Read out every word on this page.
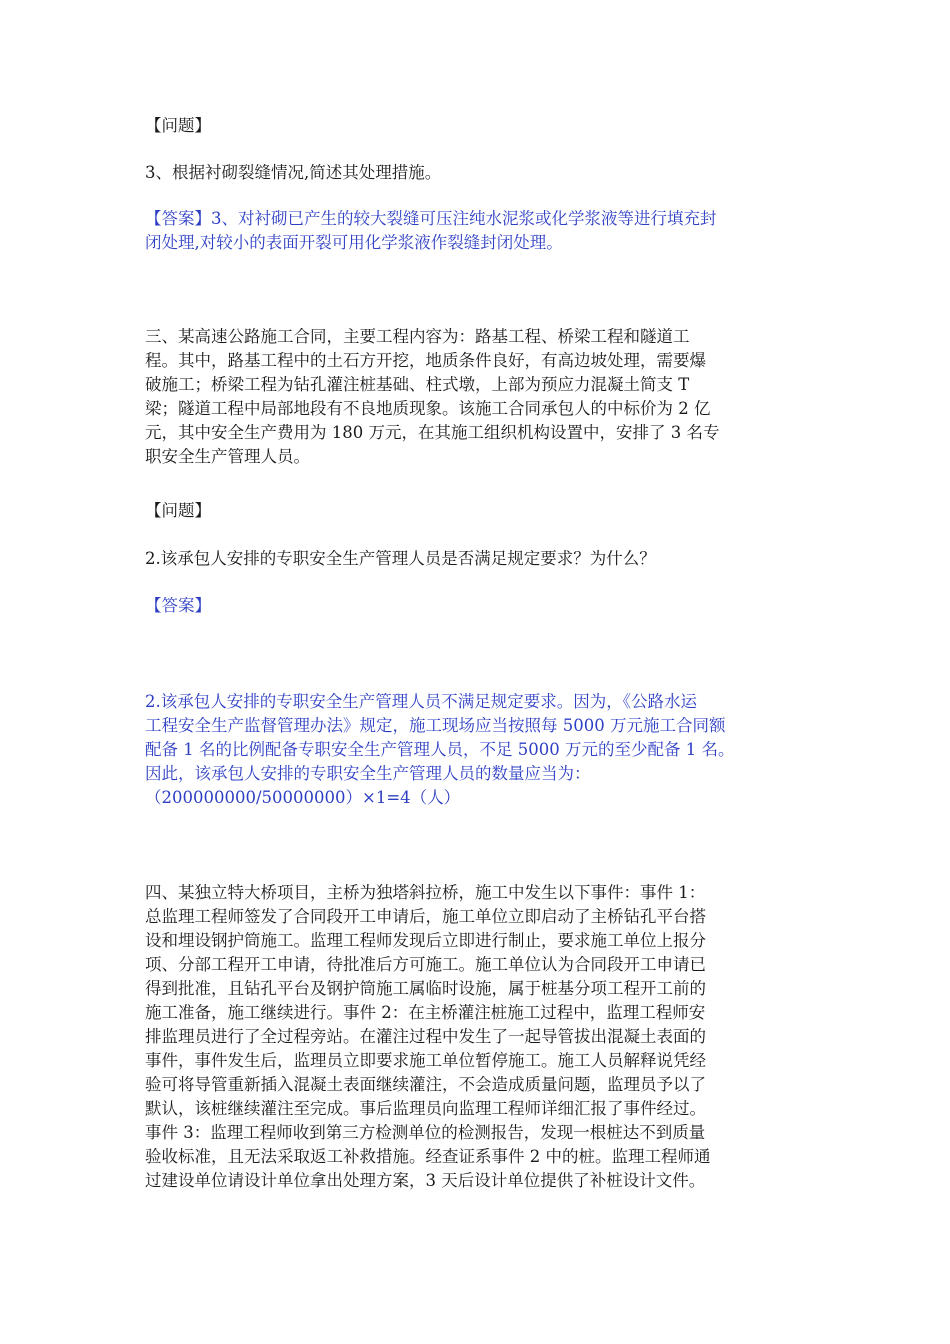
【问题】

3、根据衬砌裂缝情况,简述其处理措施。

【答案】3、对衬砌已产生的较大裂缝可压注纯水泥浆或化学浆液等进行填充封
闭处理,对较小的表面开裂可用化学浆液作裂缝封闭处理。
三、某高速公路施工合同，主要工程内容为：路基工程、桥梁工程和隧道工
程。其中，路基工程中的土石方开挖，地质条件良好，有高边坡处理，需要爆
破施工；桥梁工程为钻孔灌注桩基础、柱式墩，上部为预应力混凝土简支 T
梁；隧道工程中局部地段有不良地质现象。该施工合同承包人的中标价为 2 亿
元，其中安全生产费用为 180 万元，在其施工组织机构设置中，安排了 3 名专
职安全生产管理人员。

【问题】

2.该承包人安排的专职安全生产管理人员是否满足规定要求？为什么？

【答案】

2.该承包人安排的专职安全生产管理人员不满足规定要求。因为，《公路水运
工程安全生产监督管理办法》规定，施工现场应当按照每 5000 万元施工合同额
配备 1 名的比例配备专职安全生产管理人员，不足 5000 万元的至少配备 1 名。
因此，该承包人安排的专职安全生产管理人员的数量应当为：
（200000000/50000000）×1=4（人）
四、某独立特大桥项目，主桥为独塔斜拉桥，施工中发生以下事件：事件 1：
总监理工程师签发了合同段开工申请后，施工单位立即启动了主桥钻孔平台搭
设和埋设钢护筒施工。监理工程师发现后立即进行制止，要求施工单位上报分
项、分部工程开工申请，待批准后方可施工。施工单位认为合同段开工申请已
得到批准，且钻孔平台及钢护筒施工属临时设施，属于桩基分项工程开工前的
施工准备，施工继续进行。事件 2：在主桥灌注桩施工过程中，监理工程师安
排监理员进行了全过程旁站。在灌注过程中发生了一起导管拔出混凝土表面的
事件，事件发生后，监理员立即要求施工单位暂停施工。施工人员解释说凭经
验可将导管重新插入混凝土表面继续灌注，不会造成质量问题，监理员予以了
默认，该桩继续灌注至完成。事后监理员向监理工程师详细汇报了事件经过。
事件 3：监理工程师收到第三方检测单位的检测报告，发现一根桩达不到质量
验收标准，且无法采取返工补救措施。经查证系事件 2 中的桩。监理工程师通
过建设单位请设计单位拿出处理方案，3 天后设计单位提供了补桩设计文件。
